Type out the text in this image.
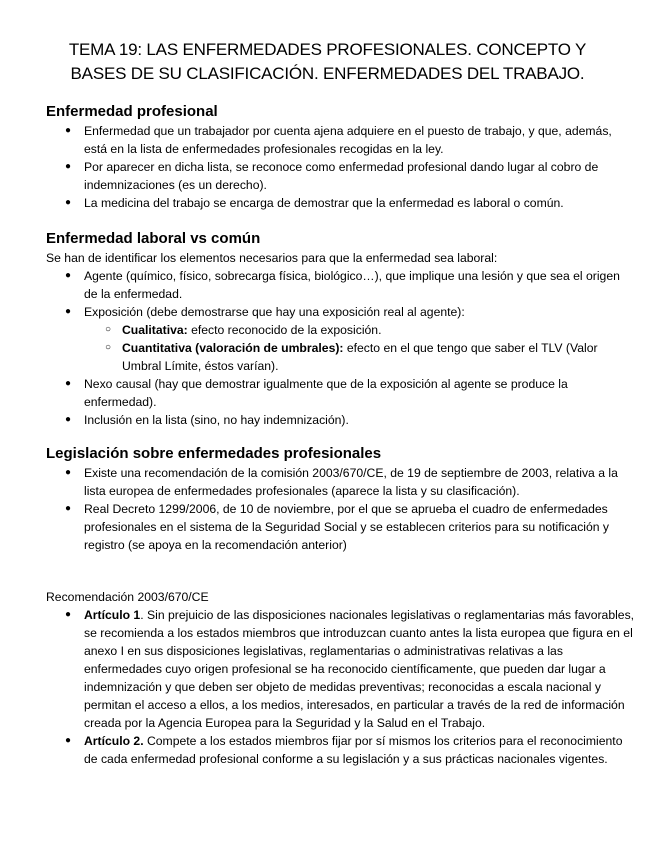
TEMA 19: LAS ENFERMEDADES PROFESIONALES. CONCEPTO Y BASES DE SU CLASIFICACIÓN. ENFERMEDADES DEL TRABAJO.
Enfermedad profesional
● Enfermedad que un trabajador por cuenta ajena adquiere en el puesto de trabajo, y que, además, está en la lista de enfermedades profesionales recogidas en la ley.
● Por aparecer en dicha lista, se reconoce como enfermedad profesional dando lugar al cobro de indemnizaciones (es un derecho).
● La medicina del trabajo se encarga de demostrar que la enfermedad es laboral o común.
Enfermedad laboral vs común
Se han de identificar los elementos necesarios para que la enfermedad sea laboral:
● Agente (químico, físico, sobrecarga física, biológico…), que implique una lesión y que sea el origen de la enfermedad.
● Exposición (debe demostrarse que hay una exposición real al agente):
○ Cualitativa: efecto reconocido de la exposición.
○ Cuantitativa (valoración de umbrales): efecto en el que tengo que saber el TLV (Valor Umbral Límite, éstos varían).
● Nexo causal (hay que demostrar igualmente que de la exposición al agente se produce la enfermedad).
● Inclusión en la lista (sino, no hay indemnización).
Legislación sobre enfermedades profesionales
● Existe una recomendación de la comisión 2003/670/CE, de 19 de septiembre de 2003, relativa a la lista europea de enfermedades profesionales (aparece la lista y su clasificación).
● Real Decreto 1299/2006, de 10 de noviembre, por el que se aprueba el cuadro de enfermedades profesionales en el sistema de la Seguridad Social y se establecen criterios para su notificación y registro (se apoya en la recomendación anterior)
Recomendación 2003/670/CE
● Artículo 1. Sin prejuicio de las disposiciones nacionales legislativas o reglamentarias más favorables, se recomienda a los estados miembros que introduzcan cuanto antes la lista europea que figura en el anexo I en sus disposiciones legislativas, reglamentarias o administrativas relativas a las enfermedades cuyo origen profesional se ha reconocido científicamente, que pueden dar lugar a indemnización y que deben ser objeto de medidas preventivas; reconocidas a escala nacional y permitan el acceso a ellos, a los medios, interesados, en particular a través de la red de información creada por la Agencia Europea para la Seguridad y la Salud en el Trabajo.
● Artículo 2. Compete a los estados miembros fijar por sí mismos los criterios para el reconocimiento de cada enfermedad profesional conforme a su legislación y a sus prácticas nacionales vigentes.
